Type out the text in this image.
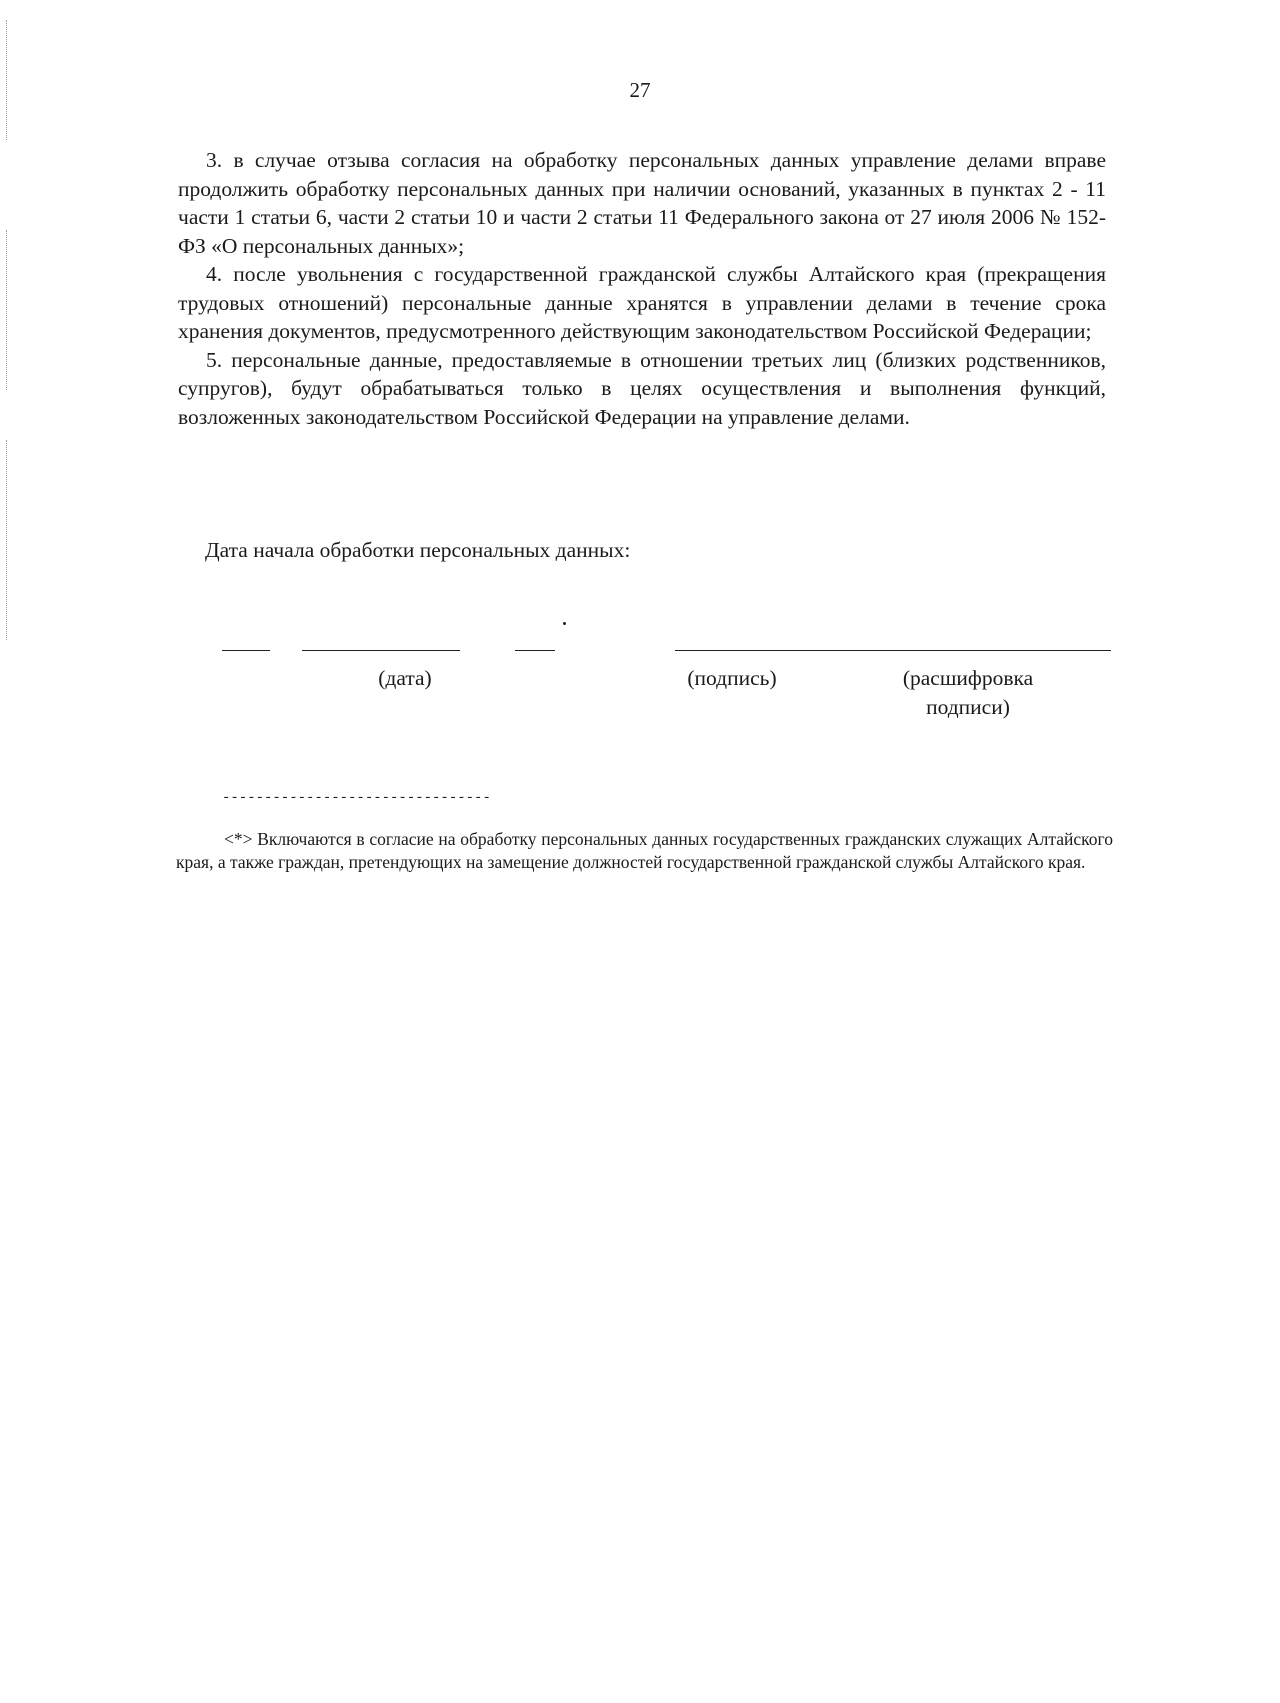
27

3. в случае отзыва согласия на обработку персональных данных управление делами вправе продолжить обработку персональных данных при наличии оснований, указанных в пунктах 2 - 11 части 1 статьи 6, части 2 статьи 10 и части 2 статьи 11 Федерального закона от 27 июля 2006 № 152-ФЗ «О персональных данных»;

4. после увольнения с государственной гражданской службы Алтайского края (прекращения трудовых отношений) персональные данные хранятся в управлении делами в течение срока хранения документов, предусмотренного действующим законодательством Российской Федерации;

5. персональные данные, предоставляемые в отношении третьих лиц (близких родственников, супругов), будут обрабатываться только в целях осуществления и выполнения функций, возложенных законодательством Российской Федерации на управление делами.

Дата начала обработки персональных данных:
(дата)	(подпись)	(расшифровка
подписи)
--------------------------------

<*> Включаются в согласие на обработку персональных данных государственных гражданских служащих Алтайского края, а также граждан, претендующих на замещение должностей государственной гражданской службы Алтайского края.
